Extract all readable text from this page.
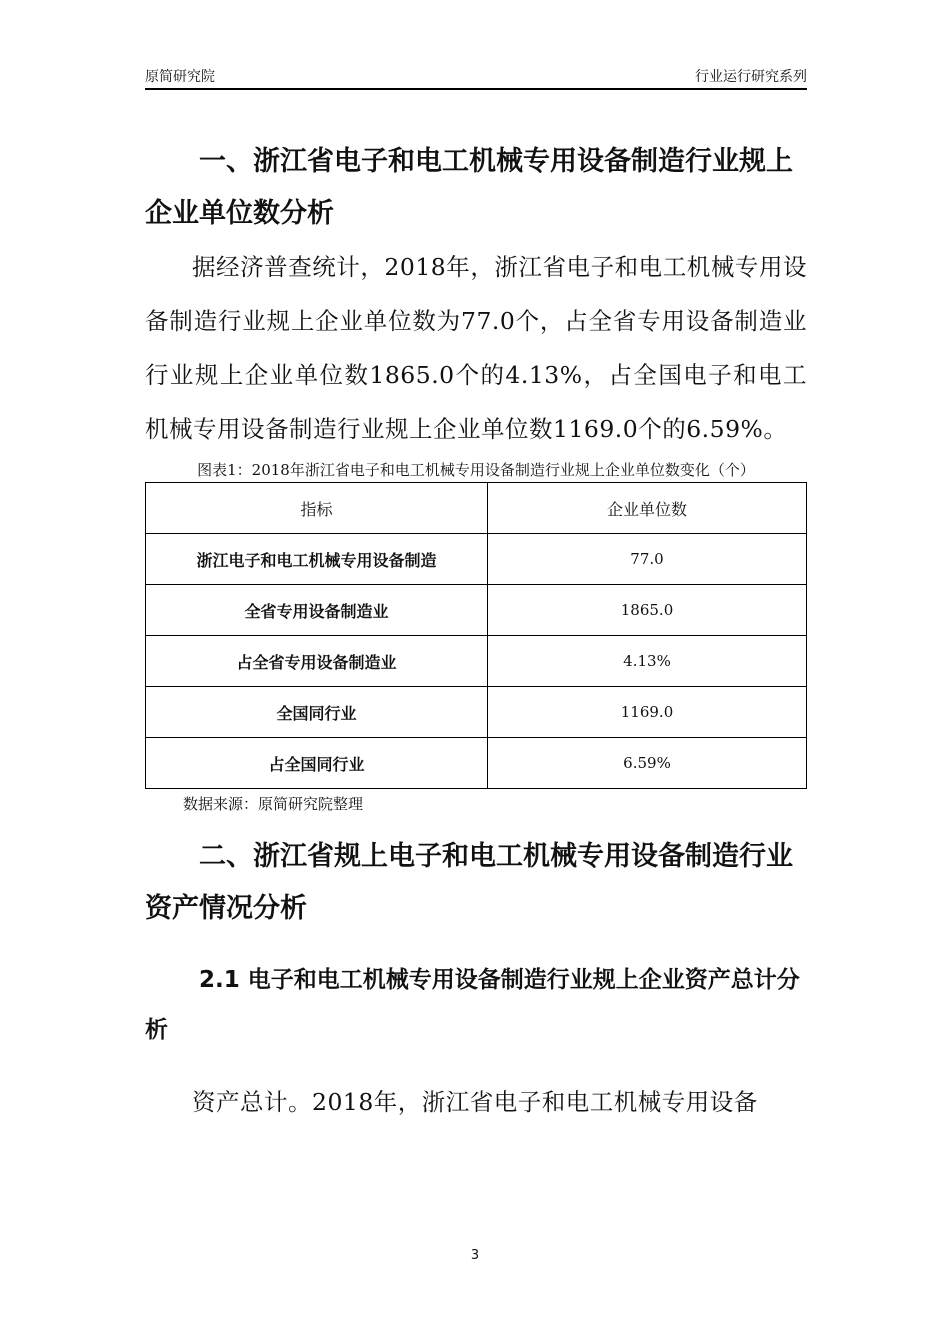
原简研究院	行业运行研究系列
一、浙江省电子和电工机械专用设备制造行业规上企业单位数分析

据经济普查统计，2018年，浙江省电子和电工机械专用设备制造行业规上企业单位数为77.0个，占全省专用设备制造业行业规上企业单位数1865.0个的4.13%，占全国电子和电工机械专用设备制造行业规上企业单位数1169.0个的6.59%。

图表1：2018年浙江省电子和电工机械专用设备制造行业规上企业单位数变化（个）
指标	企业单位数
浙江电子和电工机械专用设备制造	77.0
全省专用设备制造业	1865.0
占全省专用设备制造业	4.13%
全国同行业	1169.0
占全国同行业	6.59%
数据来源：原简研究院整理
二、浙江省规上电子和电工机械专用设备制造行业资产情况分析
2.1 电子和电工机械专用设备制造行业规上企业资产总计分析

资产总计。2018年，浙江省电子和电工机械专用设备

3
